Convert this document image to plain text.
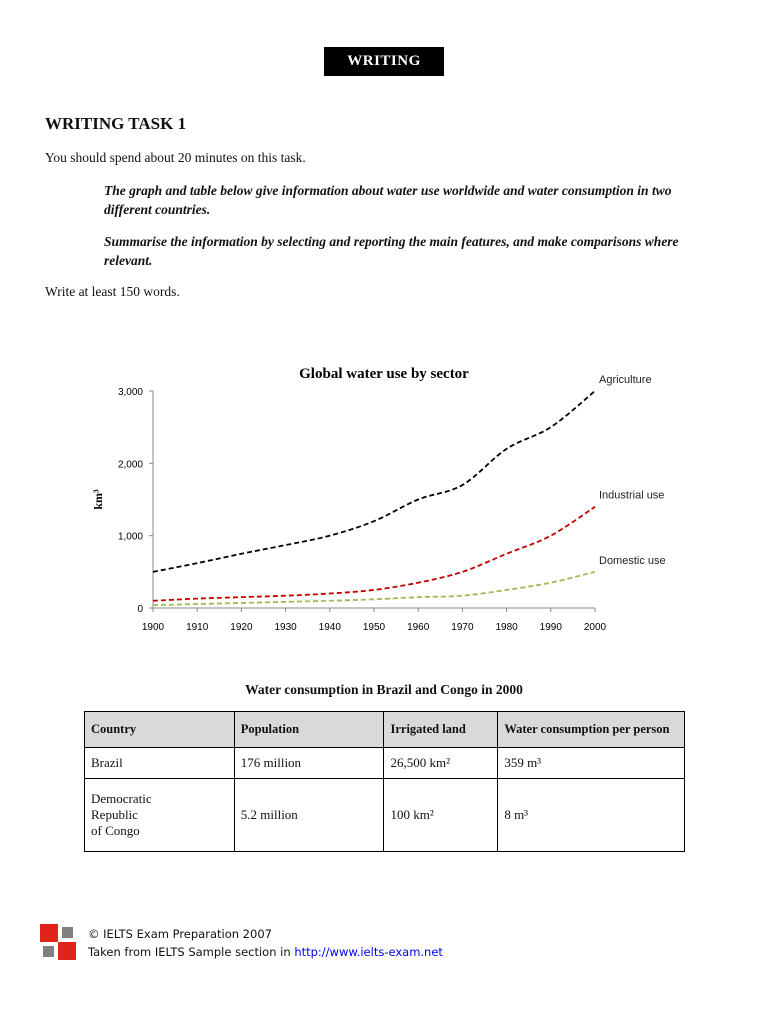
WRITING
WRITING TASK 1

You should spend about 20 minutes on this task.

The graph and table below give information about water use worldwide and water consumption in two different countries.

Summarise the information by selecting and reporting the main features, and make comparisons where relevant.

Write at least 150 words.

Global water use by sector
km³
0
1,000
2,000
3,000
1900 1910 1920 1930 1940 1950 1960 1970 1980 1990 2000
Agriculture
Industrial use
Domestic use

Water consumption in Brazil and Congo in 2000

Country	Population	Irrigated land	Water consumption per person
Brazil	176 million	26,500 km²	359 m³

Democratic
Republic
of Congo	5.2 million	100 km²	8 m³
© IELTS Exam Preparation 2007
Taken from IELTS Sample section in http://www.ielts-exam.net
